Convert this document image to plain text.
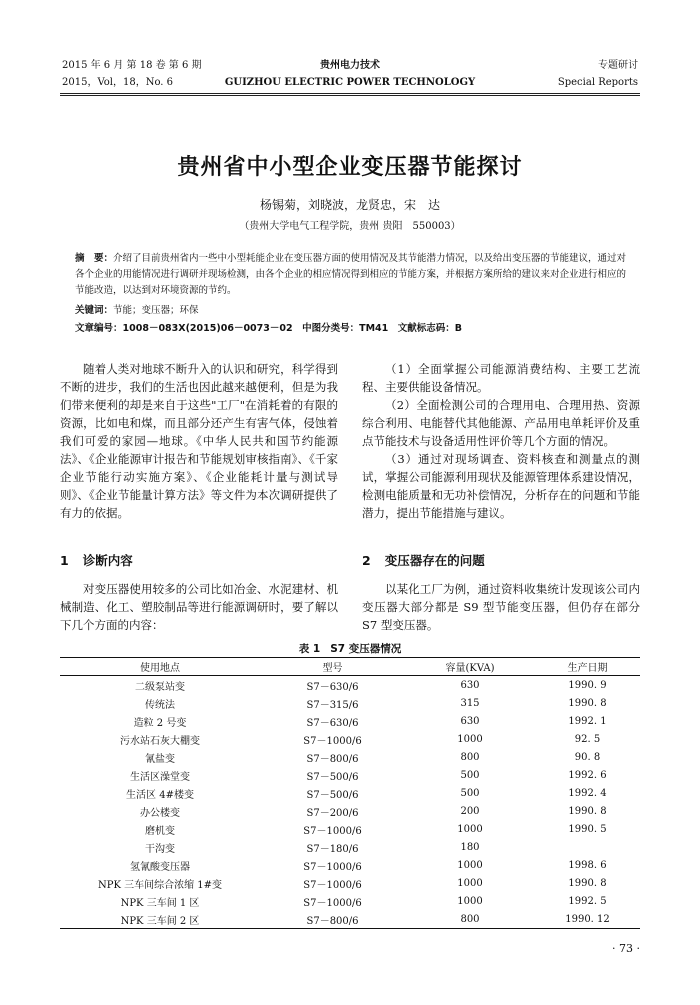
2015 年 6 月 第 18 卷 第 6 期
2015，Vol，18，No. 6
贵州电力技术
GUIZHOU ELECTRIC POWER TECHNOLOGY
专题研讨
Special Reports
贵州省中小型企业变压器节能探讨
杨锡菊，刘晓波，龙贤忠，宋　达
（贵州大学电气工程学院，贵州 贵阳　550003）
摘　要：介绍了目前贵州省内一些中小型耗能企业在变压器方面的使用情况及其节能潜力情况，以及给出变压器的节能建议，通过对各个企业的用能情况进行调研并现场检测，由各个企业的相应情况得到相应的节能方案，并根据方案所给的建议来对企业进行相应的节能改造，以达到对环境资源的节约。
关键词：节能；变压器；环保
文章编号：1008－083X(2015)06－0073－02　中图分类号：TM41　文献标志码：B

随着人类对地球不断升入的认识和研究，科学得到不断的进步，我们的生活也因此越来越便利，但是为我们带来便利的却是来自于这些"工厂"在消耗着的有限的资源，比如电和煤，而且部分还产生有害气体，侵蚀着我们可爱的家园—地球。《中华人民共和国节约能源法》、《企业能源审计报告和节能规划审核指南》、《千家企业节能行动实施方案》、《企业能耗计量与测试导则》、《企业节能量计算方法》等文件为本次调研提供了有力的依据。

1 诊断内容

对变压器使用较多的公司比如冶金、水泥建材、机械制造、化工、塑胶制品等进行能源调研时，要了解以下几个方面的内容：

（1）全面掌握公司能源消费结构、主要工艺流程、主要供能设备情况。

（2）全面检测公司的合理用电、合理用热、资源综合利用、电能替代其他能源、产品用电单耗评价及重点节能技术与设备适用性评价等几个方面的情况。

（3）通过对现场调查、资料核查和测量点的测试，掌握公司能源利用现状及能源管理体系建设情况，检测电能质量和无功补偿情况，分析存在的问题和节能潜力，提出节能措施与建议。

2 变压器存在的问题

以某化工厂为例，通过资料收集统计发现该公司内变压器大部分都是 S9 型节能变压器，但仍存在部分 S7 型变压器。

表 1 S7 变压器情况
使用地点	型号	容量(KVA)	生产日期
二级泵站变	S7－630/6	630	1990. 9
传统法	S7－315/6	315	1990. 8
造粒 2 号变	S7－630/6	630	1992. 1
污水站石灰大棚变	S7－1000/6	1000	92. 5
氰盐变	S7－800/6	800	90. 8
生活区澡堂变	S7－500/6	500	1992. 6
生活区 4#楼变	S7－500/6	500	1992. 4
办公楼变	S7－200/6	200	1990. 8
磨机变	S7－1000/6	1000	1990. 5
干沟变	S7－180/6	180	
氢氰酸变压器	S7－1000/6	1000	1998. 6
NPK 三车间综合浓缩 1#变	S7－1000/6	1000	1990. 8
NPK 三车间 1 区	S7－1000/6	1000	1992. 5
NPK 三车间 2 区	S7－800/6	800	1990. 12
· 73 ·
